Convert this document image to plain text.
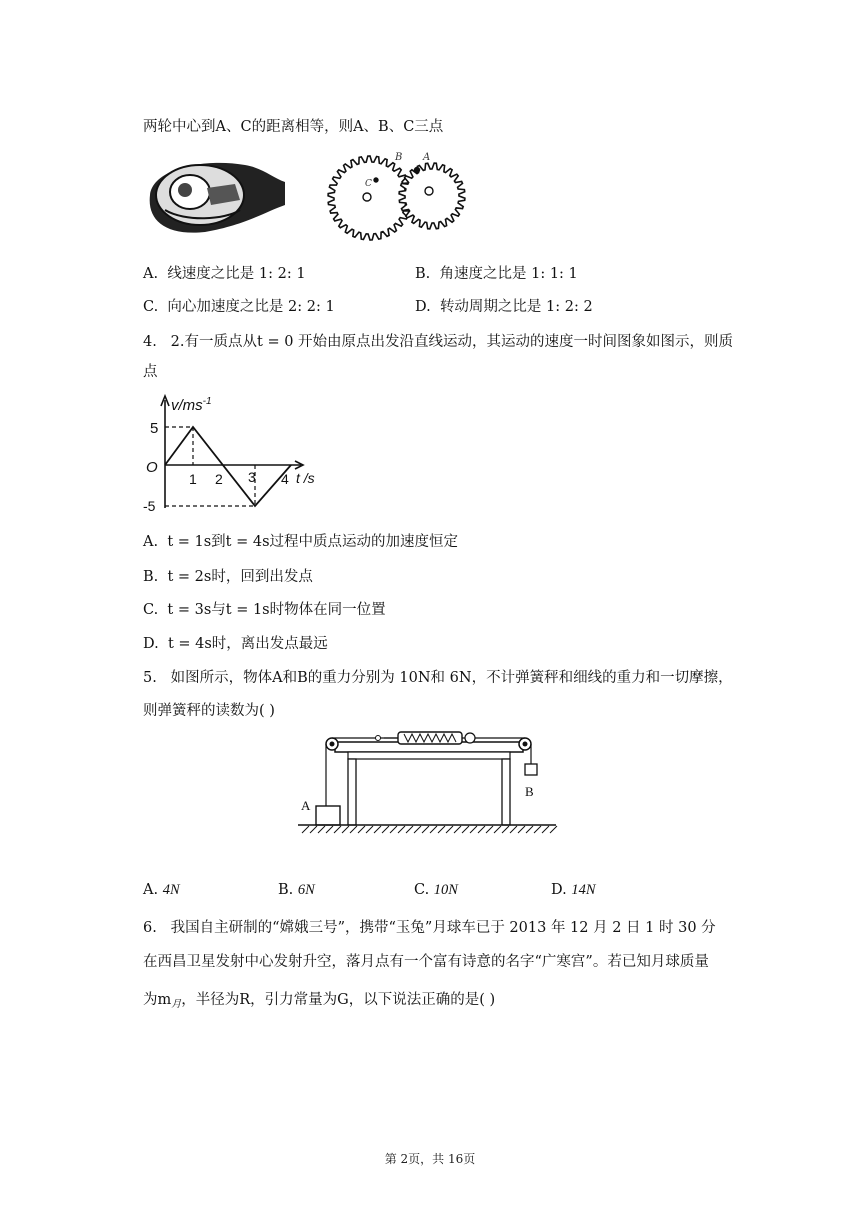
两轮中心到A、C的距离相等，则A、B、C三点
B A
C
A. 线速度之比是 1: 2: 1	B. 角速度之比是 1: 1: 1
C. 向心加速度之比是 2: 2: 1	D. 转动周期之比是 1: 2: 2
4. 2.有一质点从t = 0 开始由原点出发沿直线运动，其运动的速度一时间图象如图示，则质
点
$v/ms^{-1}$
t /s
O
5
-5
1 2 3 4
A. t = 1s到t = 4s过程中质点运动的加速度恒定
B. t = 2s时，回到出发点
C. t = 3s与t = 1s时物体在同一位置
D. t = 4s时，离出发点最远
5. 如图所示，物体A和B的重力分别为 10N和 6N，不计弹簧秤和细线的重力和一切摩擦，
则弹簧秤的读数为( )
A
B
A. 4N	B. 6N	C. 10N	D. 14N
6. 我国自主研制的“嫦娥三号”，携带“玉兔”月球车已于 2013 年 12 月 2 日 1 时 30 分
在西昌卫星发射中心发射升空，落月点有一个富有诗意的名字“广寒宫”。若已知月球质量
为$m_月$，半径为R，引力常量为G，以下说法正确的是( )
第 2页，共 16页
